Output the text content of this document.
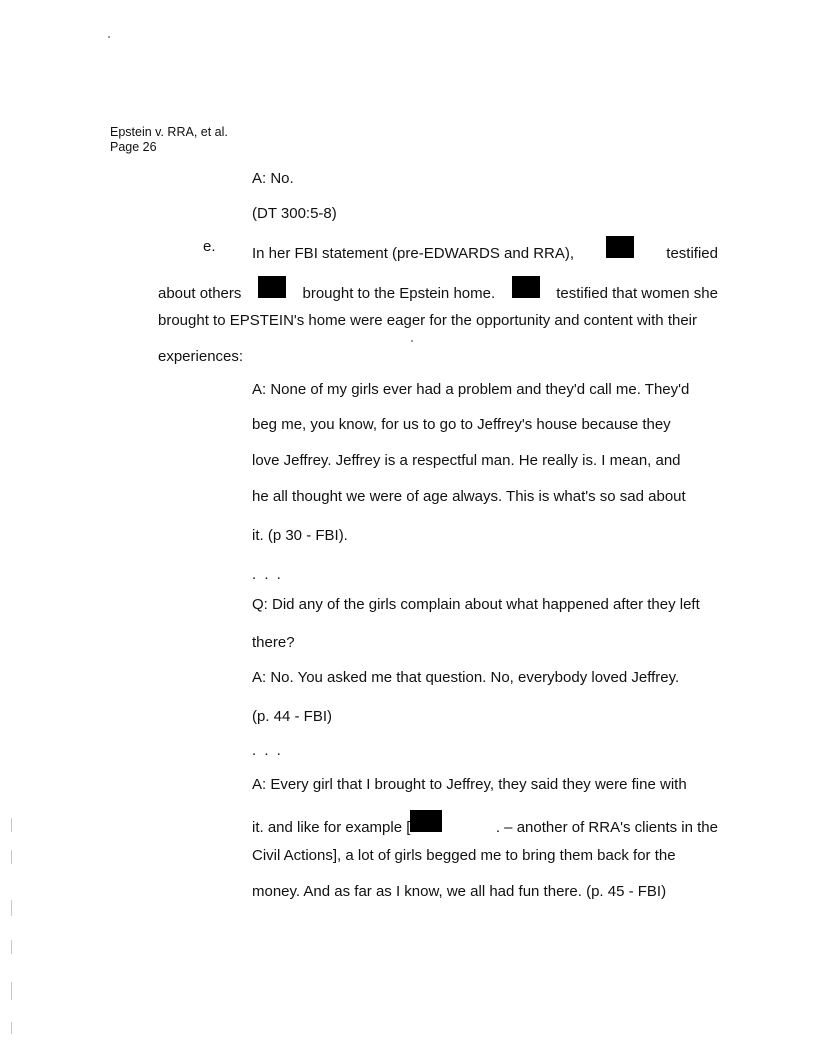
Epstein v. RRA, et al.
Page 26
A: No.
(DT 300:5-8)
e. In her FBI statement (pre-EDWARDS and RRA),	testified
about others	brought to the Epstein home.	testified that women she
brought to EPSTEIN's home were eager for the opportunity and content with their
experiences:
A: None of my girls ever had a problem and they'd call me. They'd
beg me, you know, for us to go to Jeffrey's house because they
love Jeffrey. Jeffrey is a respectful man. He really is. I mean, and
he all thought we were of age always. This is what's so sad about
it. (p 30 - FBI).
. . .
Q: Did any of the girls complain about what happened after they left
there?
A: No. You asked me that question. No, everybody loved Jeffrey.
(p. 44 - FBI)
. . .
A: Every girl that I brought to Jeffrey, they said they were fine with
it. and like for example [	. – another of RRA's clients in the
Civil Actions], a lot of girls begged me to bring them back for the
money. And as far as I know, we all had fun there. (p. 45 - FBI)
